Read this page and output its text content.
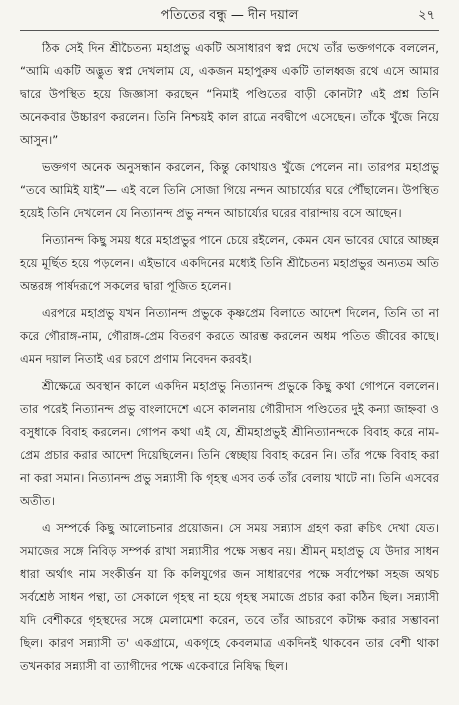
পতিতের বন্ধু — দীন দয়াল	২৭

ঠিক সেই দিন শ্রীচৈতন্য মহাপ্রভু একটি অসাধারণ স্বপ্ন দেখে তাঁর ভক্তগণকে বললেন, “আমি একটি অদ্ভুত স্বপ্ন দেখলাম যে, একজন মহাপুরুষ একটি তালধ্বজ রথে এসে আমার দ্বারে উপস্থিত হয়ে জিজ্ঞাসা করছেন “নিমাই পণ্ডিতের বাড়ী কোনটা? এই প্রশ্ন তিনি অনেকবার উচ্চারণ করলেন। তিনি নিশ্চয়ই কাল রাত্রে নবদ্বীপে এসেছেন। তাঁকে খুঁজে নিয়ে আসুন।”

ভক্তগণ অনেক অনুসন্ধান করলেন, কিন্তু কোথায়ও খুঁজে পেলেন না। তারপর মহাপ্রভু “তবে আমিই যাই”— এই বলে তিনি সোজা গিয়ে নন্দন আচার্য্যের ঘরে পৌঁছালেন। উপস্থিত হয়েই তিনি দেখলেন যে নিত্যানন্দ প্রভু নন্দন আচার্য্যের ঘরের বারান্দায় বসে আছেন।

নিত্যানন্দ কিছু সময় ধরে মহাপ্রভুর পানে চেয়ে রইলেন, কেমন যেন ভাবের ঘোরে আচ্ছন্ন হয়ে মূর্ছিত হয়ে পড়লেন। এইভাবে একদিনের মধ্যেই তিনি শ্রীচৈতন্য মহাপ্রভুর অন্যতম অতি অন্তরঙ্গ পার্ষদরূপে সকলের দ্বারা পূজিত হলেন।

এরপরে মহাপ্রভু যখন নিত্যানন্দ প্রভুকে কৃষ্ণপ্রেম বিলাতে আদেশ দিলেন, তিনি তা না করে গৌরাঙ্গ-নাম, গৌরাঙ্গ-প্রেম বিতরণ করতে আরম্ভ করলেন অধম পতিত জীবের কাছে। এমন দয়াল নিতাই এর চরণে প্রণাম নিবেদন করবই।

শ্রীক্ষেত্রে অবস্থান কালে একদিন মহাপ্রভু নিত্যানন্দ প্রভুকে কিছু কথা গোপনে বললেন। তার পরেই নিত্যানন্দ প্রভু বাংলাদেশে এসে কালনায় গৌরীদাস পণ্ডিতের দুই কন্যা জাহ্নবা ও বসুধাকে বিবাহ করলেন। গোপন কথা এই যে, শ্রীমহাপ্রভুই শ্রীনিত্যানন্দকে বিবাহ করে নাম-প্রেম প্রচার করার আদেশ দিয়েছিলেন। তিনি স্বেচ্ছায় বিবাহ করেন নি। তাঁর পক্ষে বিবাহ করা না করা সমান। নিত্যানন্দ প্রভু সন্ন্যাসী কি গৃহস্থ এসব তর্ক তাঁর বেলায় খাটে না। তিনি এসবের অতীত।

এ সম্পর্কে কিছু আলোচনার প্রয়োজন। সে সময় সন্ন্যাস গ্রহণ করা ক্বচিৎ দেখা যেত। সমাজের সঙ্গে নিবিড় সম্পর্ক রাখা সন্ন্যাসীর পক্ষে সম্ভব নয়। শ্রীমন্ মহাপ্রভু যে উদার সাধন ধারা অর্থাৎ নাম সংকীর্ত্তন যা কি কলিযুগের জন সাধারণের পক্ষে সর্বাপেক্ষা সহজ অথচ সর্বশ্রেষ্ঠ সাধন পন্থা, তা সেকালে গৃহস্থ না হয়ে গৃহস্থ সমাজে প্রচার করা কঠিন ছিল। সন্ন্যাসী যদি বেশীকরে গৃহস্থদের সঙ্গে মেলামেশা করেন, তবে তাঁর আচরণে কটাক্ষ করার সম্ভাবনা ছিল। কারণ সন্ন্যাসী ত' একগ্রামে, একগৃহে কেবলমাত্র একদিনই থাকবেন তার বেশী থাকা তখনকার সন্ন্যাসী বা ত্যাগীদের পক্ষে একেবারে নিষিদ্ধ ছিল।
